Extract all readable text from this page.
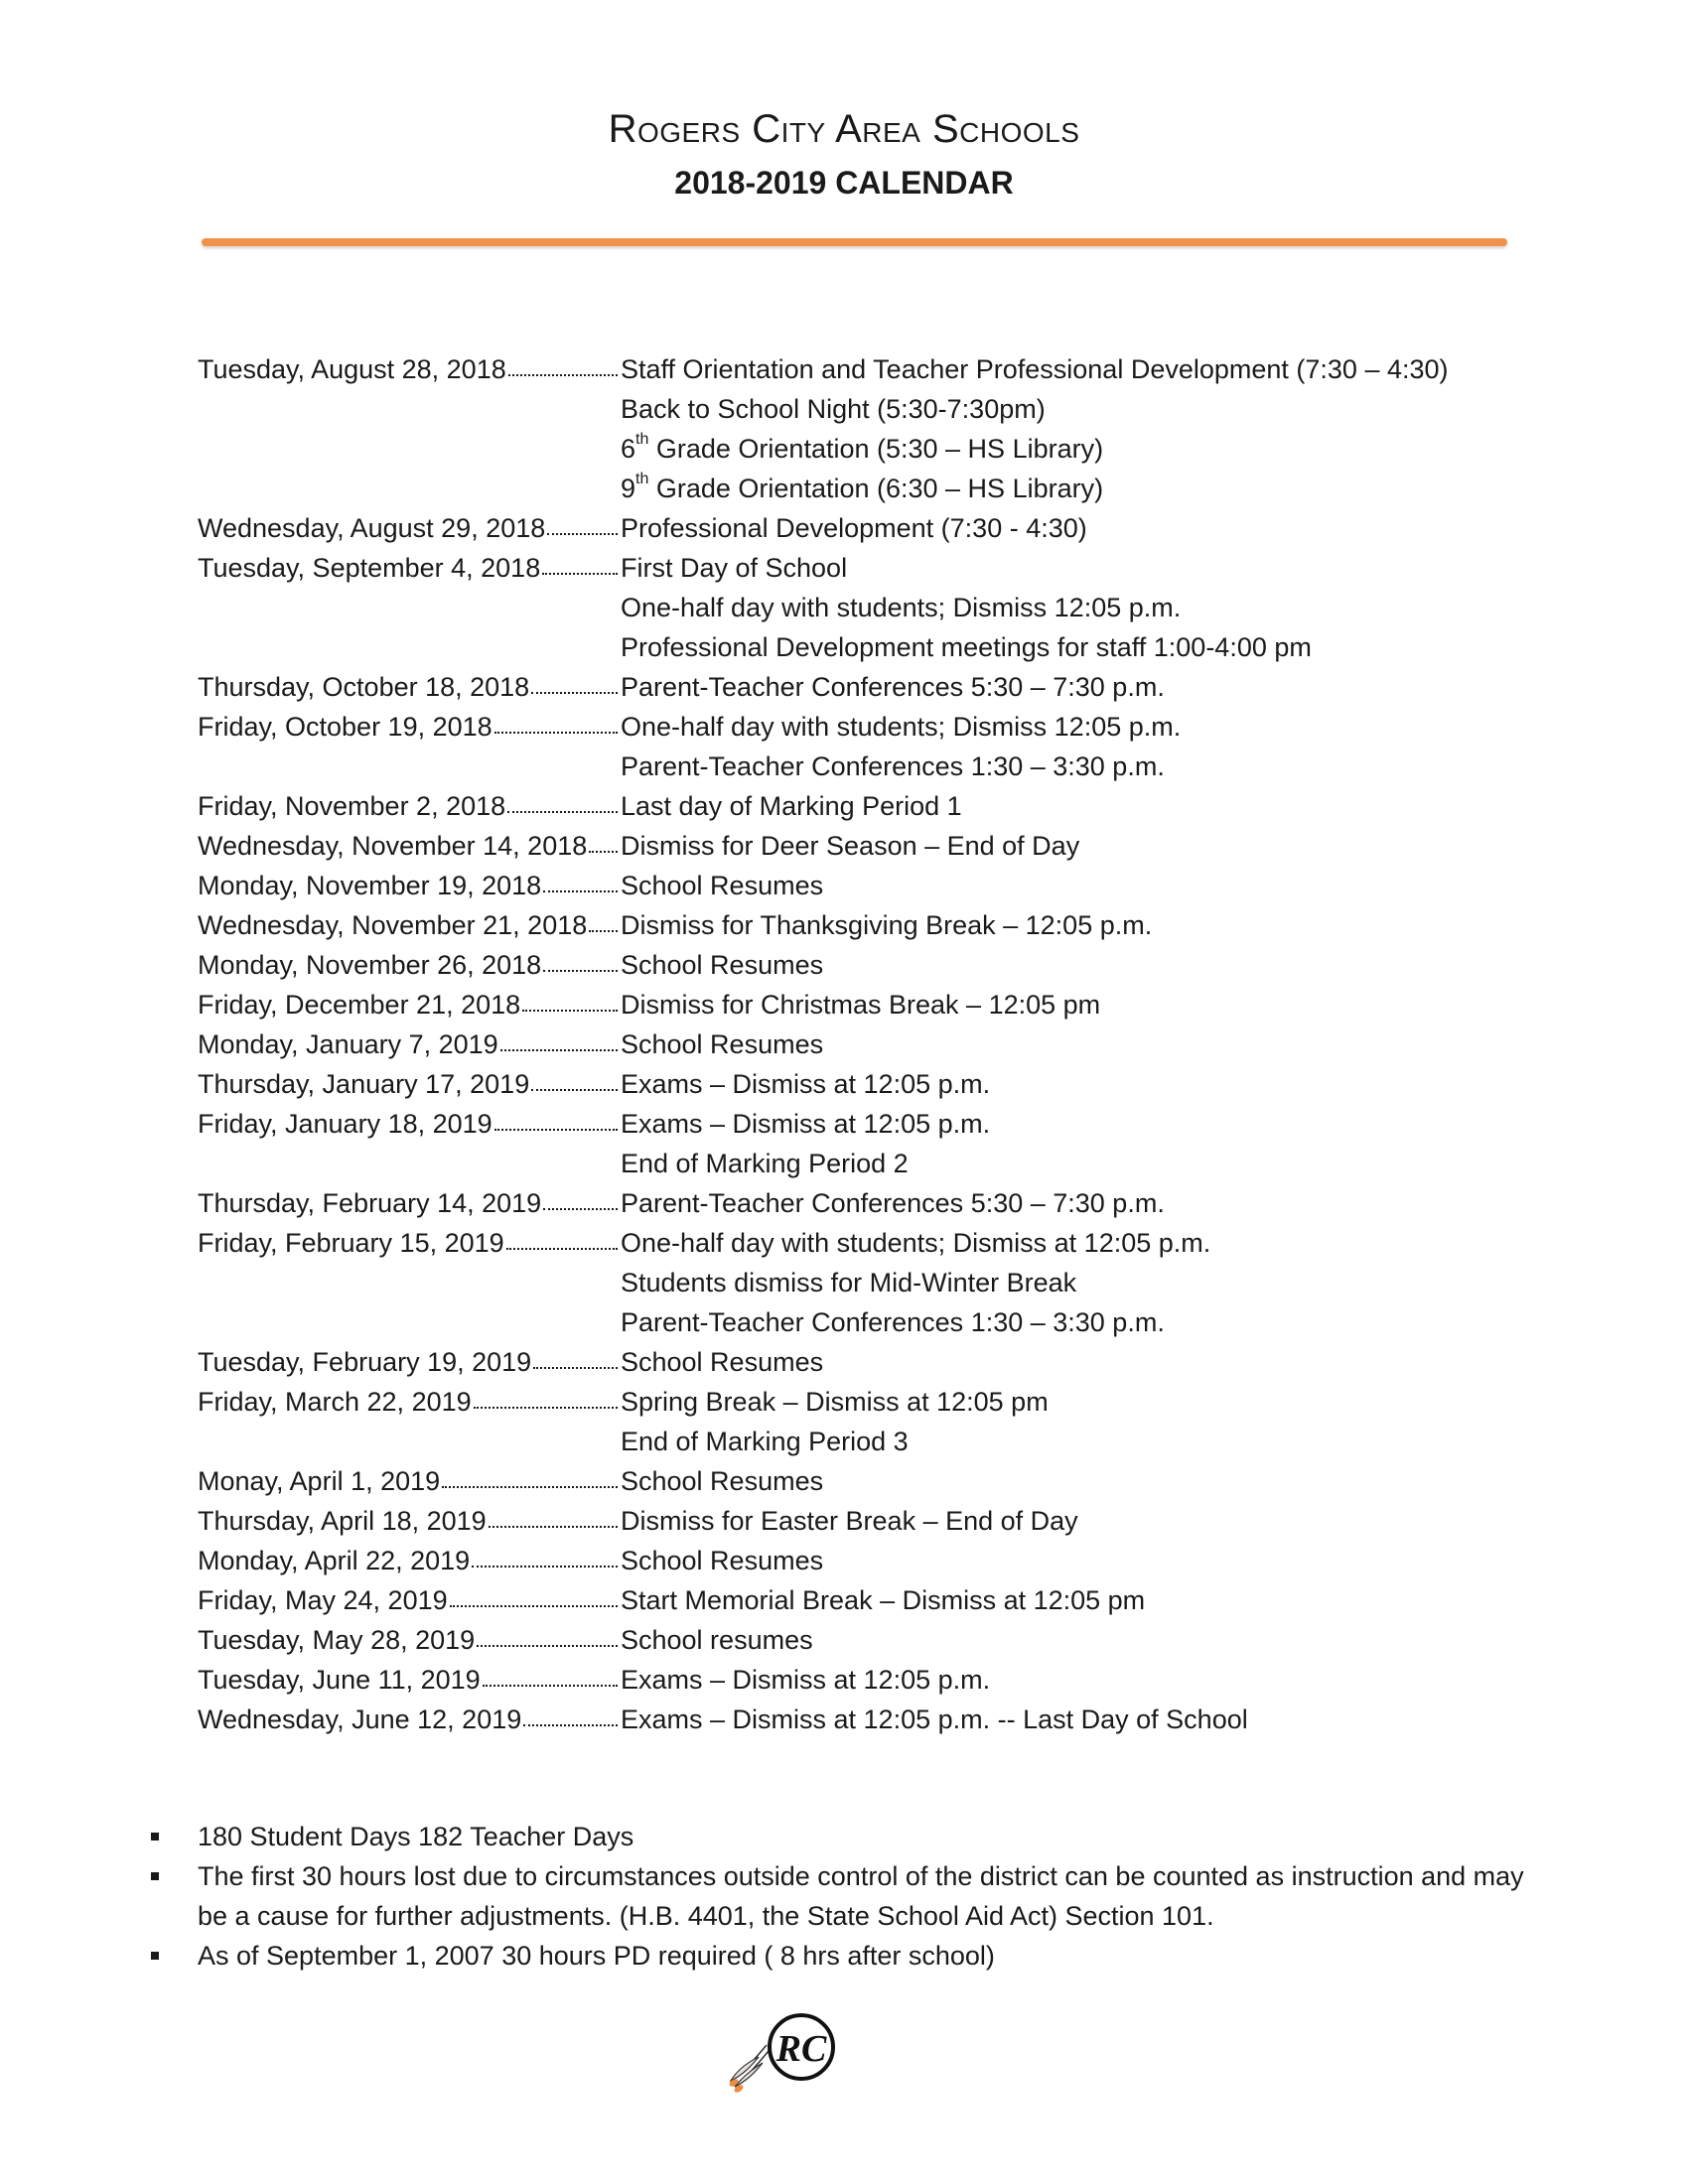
Rogers City Area Schools
2018-2019 CALENDAR
Tuesday, August 28, 2018	Staff Orientation and Teacher Professional Development (7:30 – 4:30)
Back to School Night (5:30-7:30pm)
6th Grade Orientation (5:30 – HS Library)
9th Grade Orientation (6:30 – HS Library)
Wednesday, August 29, 2018	Professional Development (7:30 - 4:30)
Tuesday, September 4, 2018	First Day of School
One-half day with students; Dismiss 12:05 p.m.
Professional Development meetings for staff 1:00-4:00 pm
Thursday, October 18, 2018	Parent-Teacher Conferences 5:30 – 7:30 p.m.
Friday, October 19, 2018	One-half day with students; Dismiss 12:05 p.m.
Parent-Teacher Conferences 1:30 – 3:30 p.m.
Friday, November 2, 2018	Last day of Marking Period 1
Wednesday, November 14, 2018 Dismiss for Deer Season – End of Day
Monday, November 19, 2018	School Resumes
Wednesday, November 21, 2018 Dismiss for Thanksgiving Break – 12:05 p.m.
Monday, November 26, 2018	School Resumes
Friday, December 21, 2018	Dismiss for Christmas Break – 12:05 pm
Monday, January 7, 2019	School Resumes
Thursday, January 17, 2019	Exams – Dismiss at 12:05 p.m.
Friday, January 18, 2019	Exams – Dismiss at 12:05 p.m.
End of Marking Period 2
Thursday, February 14, 2019	Parent-Teacher Conferences 5:30 – 7:30 p.m.
Friday, February 15, 2019	One-half day with students; Dismiss at 12:05 p.m.
Students dismiss for Mid-Winter Break
Parent-Teacher Conferences 1:30 – 3:30 p.m.
Tuesday, February 19, 2019	School Resumes
Friday, March 22, 2019	Spring Break – Dismiss at 12:05 pm
End of Marking Period 3
Monay, April 1, 2019	School Resumes
Thursday, April 18, 2019	Dismiss for Easter Break – End of Day
Monday, April 22, 2019	School Resumes
Friday, May 24, 2019	Start Memorial Break – Dismiss at 12:05 pm
Tuesday, May 28, 2019	School resumes
Tuesday, June 11, 2019	Exams – Dismiss at 12:05 p.m.
Wednesday, June 12, 2019	Exams – Dismiss at 12:05 p.m. -- Last Day of School
180 Student Days 182 Teacher Days
The first 30 hours lost due to circumstances outside control of the district can be counted as instruction and may be a cause for further adjustments. (H.B. 4401, the State School Aid Act) Section 101.
As of September 1, 2007 30 hours PD required ( 8 hrs after school)
RC
